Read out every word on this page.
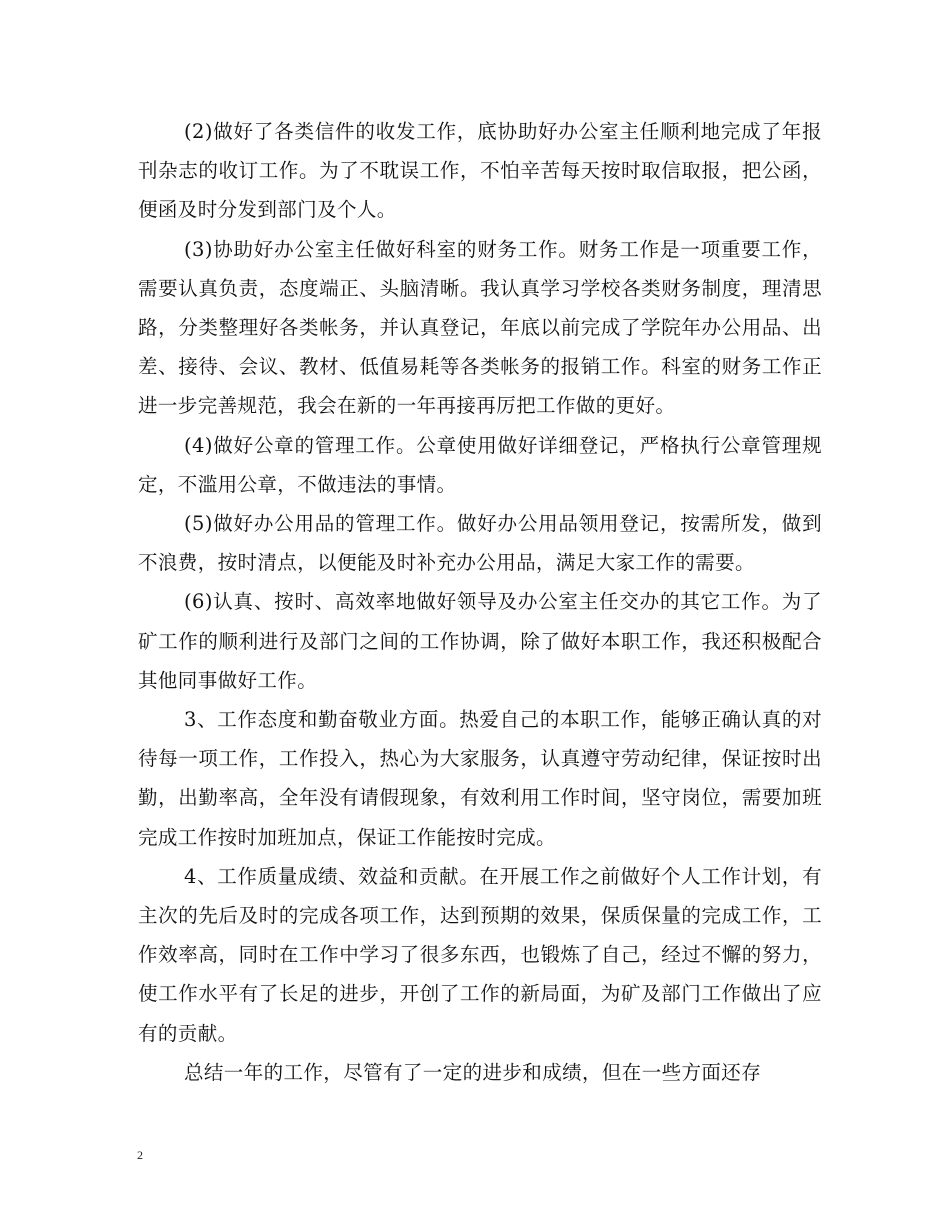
(2)做好了各类信件的收发工作，底协助好办公室主任顺利地完成了年报刊杂志的收订工作。为了不耽误工作，不怕辛苦每天按时取信取报，把公函，便函及时分发到部门及个人。

(3)协助好办公室主任做好科室的财务工作。财务工作是一项重要工作，需要认真负责，态度端正、头脑清晰。我认真学习学校各类财务制度，理清思路，分类整理好各类帐务，并认真登记，年底以前完成了学院年办公用品、出差、接待、会议、教材、低值易耗等各类帐务的报销工作。科室的财务工作正进一步完善规范，我会在新的一年再接再厉把工作做的更好。

(4)做好公章的管理工作。公章使用做好详细登记，严格执行公章管理规定，不滥用公章，不做违法的事情。

(5)做好办公用品的管理工作。做好办公用品领用登记，按需所发，做到不浪费，按时清点，以便能及时补充办公用品，满足大家工作的需要。

(6)认真、按时、高效率地做好领导及办公室主任交办的其它工作。为了矿工作的顺利进行及部门之间的工作协调，除了做好本职工作，我还积极配合其他同事做好工作。

3、工作态度和勤奋敬业方面。热爱自己的本职工作，能够正确认真的对待每一项工作，工作投入，热心为大家服务，认真遵守劳动纪律，保证按时出勤，出勤率高，全年没有请假现象，有效利用工作时间，坚守岗位，需要加班完成工作按时加班加点，保证工作能按时完成。

4、工作质量成绩、效益和贡献。在开展工作之前做好个人工作计划，有主次的先后及时的完成各项工作，达到预期的效果，保质保量的完成工作，工作效率高，同时在工作中学习了很多东西，也锻炼了自己，经过不懈的努力，使工作水平有了长足的进步，开创了工作的新局面，为矿及部门工作做出了应有的贡献。

总结一年的工作，尽管有了一定的进步和成绩，但在一些方面还存

2
